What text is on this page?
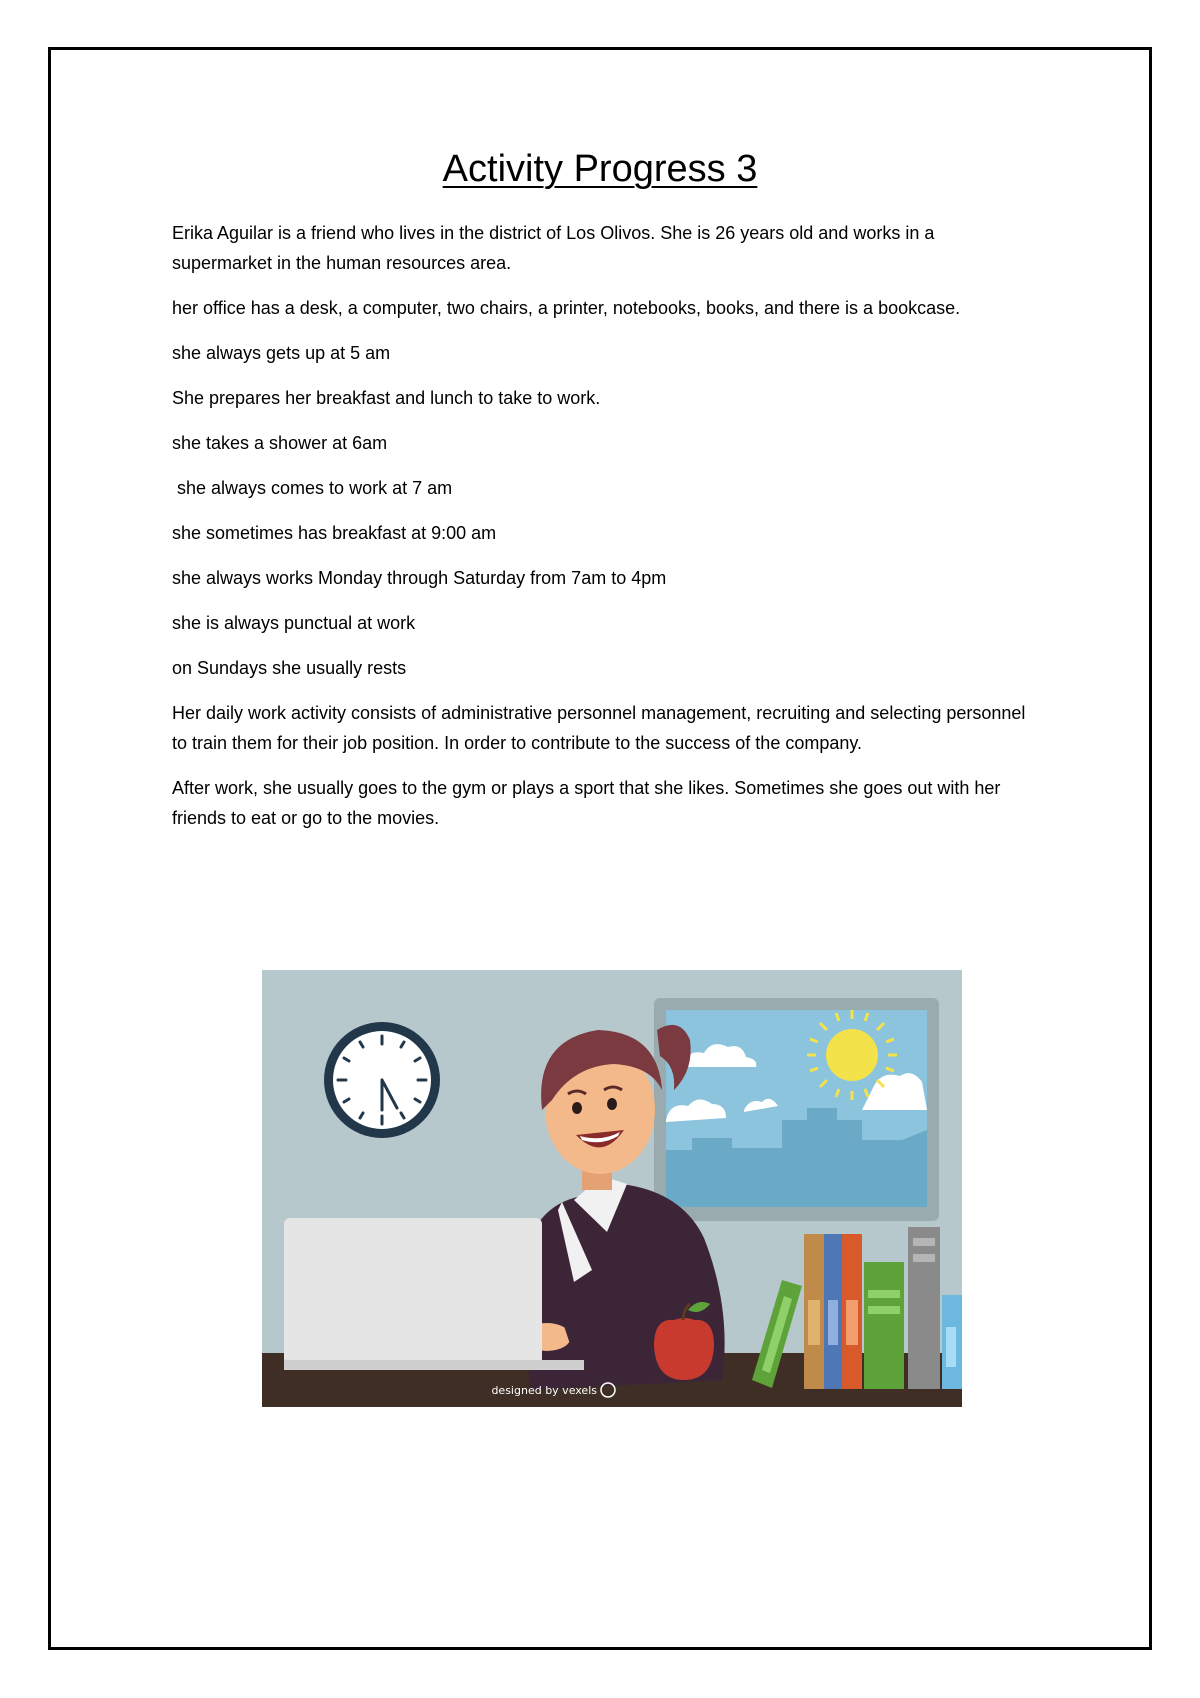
Activity Progress 3

Erika Aguilar is a friend who lives in the district of Los Olivos. She is 26 years old and works in a supermarket in the human resources area.

her office has a desk, a computer, two chairs, a printer, notebooks, books, and there is a bookcase.

she always gets up at 5 am

She prepares her breakfast and lunch to take to work.

she takes a shower at 6am

she always comes to work at 7 am

she sometimes has breakfast at 9:00 am

she always works Monday through Saturday from 7am to 4pm

she is always punctual at work

on Sundays she usually rests

Her daily work activity consists of administrative personnel management, recruiting and selecting personnel to train them for their job position. In order to contribute to the success of the company.

After work, she usually goes to the gym or plays a sport that she likes. Sometimes she goes out with her friends to eat or go to the movies.

designed by vexels
